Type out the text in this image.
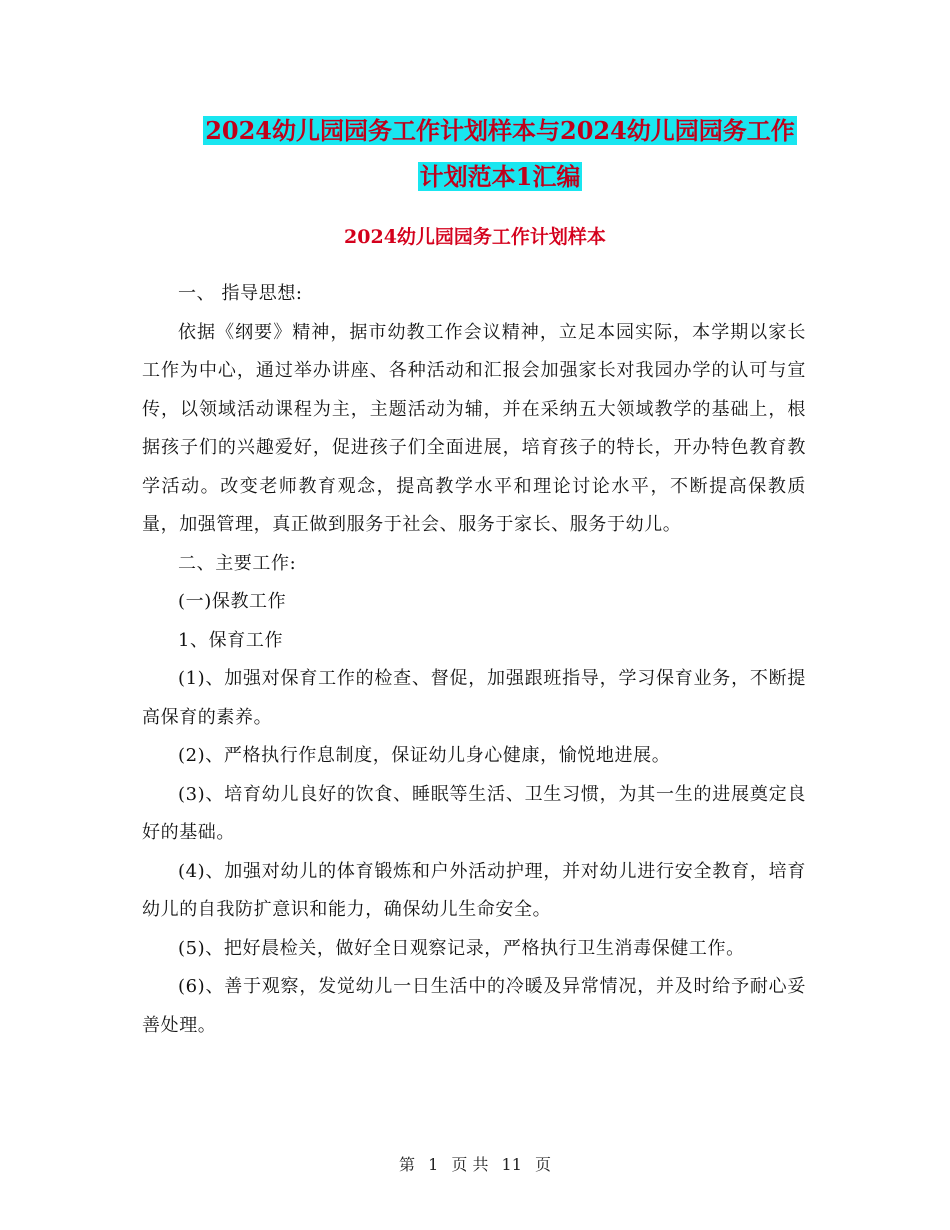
2024幼儿园园务工作计划样本与2024幼儿园园务工作
计划范本1汇编
2024幼儿园园务工作计划样本

一、 指导思想:

依据《纲要》精神，据市幼教工作会议精神，立足本园实际，本学期以家长工作为中心，通过举办讲座、各种活动和汇报会加强家长对我园办学的认可与宣传，以领域活动课程为主，主题活动为辅，并在采纳五大领域教学的基础上，根据孩子们的兴趣爱好，促进孩子们全面进展，培育孩子的特长，开办特色教育教学活动。改变老师教育观念，提高教学水平和理论讨论水平，不断提高保教质量，加强管理，真正做到服务于社会、服务于家长、服务于幼儿。

二、主要工作:

(一)保教工作

1、保育工作

(1)、加强对保育工作的检查、督促，加强跟班指导，学习保育业务，不断提高保育的素养。

(2)、严格执行作息制度，保证幼儿身心健康，愉悦地进展。

(3)、培育幼儿良好的饮食、睡眠等生活、卫生习惯，为其一生的进展奠定良好的基础。

(4)、加强对幼儿的体育锻炼和户外活动护理，并对幼儿进行安全教育，培育幼儿的自我防扩意识和能力，确保幼儿生命安全。

(5)、把好晨检关，做好全日观察记录，严格执行卫生消毒保健工作。

(6)、善于观察，发觉幼儿一日生活中的冷暖及异常情况，并及时给予耐心妥善处理。

第 1 页 共 11 页
